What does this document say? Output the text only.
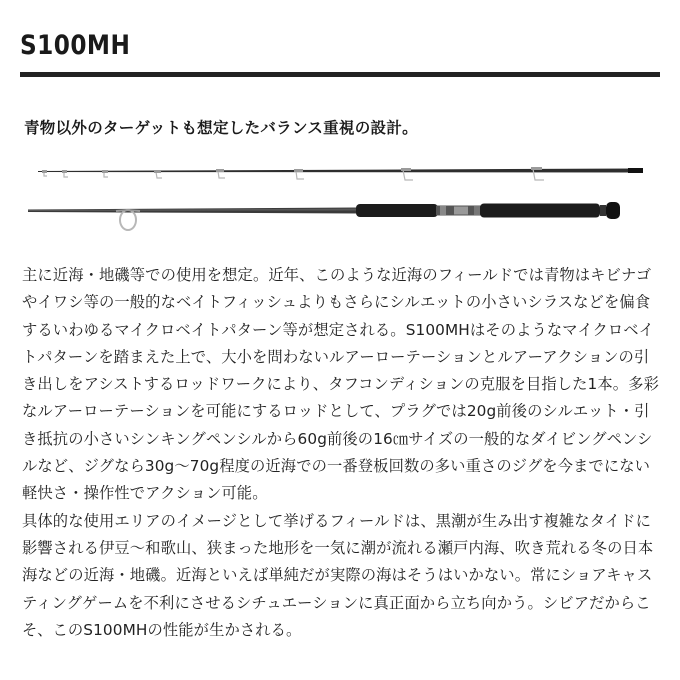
S100MH
青物以外のターゲットも想定したバランス重視の設計。

主に近海・地磯等での使用を想定。近年、このような近海のフィールドでは青物はキビナゴやイワシ等の一般的なベイトフィッシュよりもさらにシルエットの小さいシラスなどを偏食するいわゆるマイクロベイトパターン等が想定される。S100MHはそのようなマイクロベイトパターンを踏まえた上で、大小を問わないルアーローテーションとルアーアクションの引き出しをアシストするロッドワークにより、タフコンディションの克服を目指した1本。多彩なルアーローテーションを可能にするロッドとして、プラグでは20g前後のシルエット・引き抵抗の小さいシンキングペンシルから60g前後の16㎝サイズの一般的なダイビングペンシルなど、ジグなら30g～70g程度の近海での一番登板回数の多い重さのジグを今までにない軽快さ・操作性でアクション可能。

具体的な使用エリアのイメージとして挙げるフィールドは、黒潮が生み出す複雑なタイドに影響される伊豆～和歌山、狭まった地形を一気に潮が流れる瀬戸内海、吹き荒れる冬の日本海などの近海・地磯。近海といえば単純だが実際の海はそうはいかない。常にショアキャスティングゲームを不利にさせるシチュエーションに真正面から立ち向かう。シビアだからこそ、このS100MHの性能が生かされる。
